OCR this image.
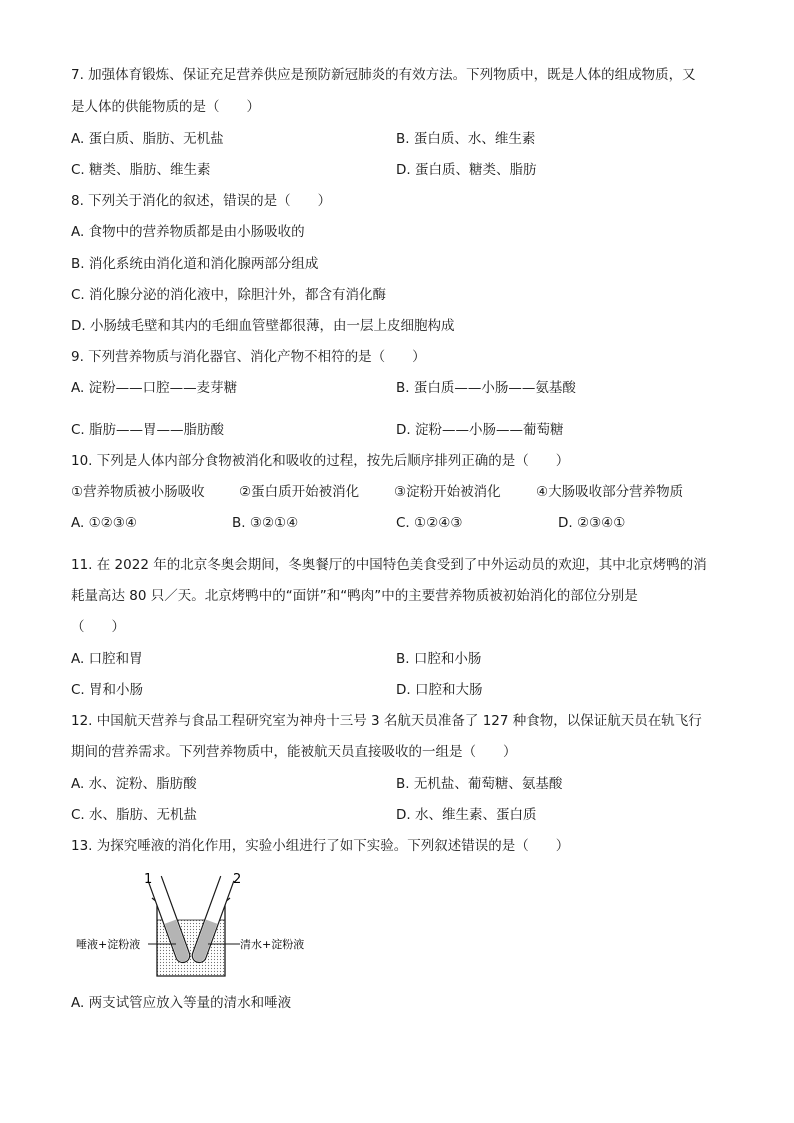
7. 加强体育锻炼、保证充足营养供应是预防新冠肺炎的有效方法。下列物质中，既是人体的组成物质，又
是人体的供能物质的是（　　）
A. 蛋白质、脂肪、无机盐	B. 蛋白质、水、维生素
C. 糖类、脂肪、维生素	D. 蛋白质、糖类、脂肪
8. 下列关于消化的叙述，错误的是（　　）
A. 食物中的营养物质都是由小肠吸收的
B. 消化系统由消化道和消化腺两部分组成
C. 消化腺分泌的消化液中，除胆汁外，都含有消化酶
D. 小肠绒毛壁和其内的毛细血管壁都很薄，由一层上皮细胞构成
9. 下列营养物质与消化器官、消化产物不相符的是（　　）
A. 淀粉——口腔——麦芽糖	B. 蛋白质——小肠——氨基酸
C. 脂肪——胃——脂肪酸	D. 淀粉——小肠——葡萄糖
10. 下列是人体内部分食物被消化和吸收的过程，按先后顺序排列正确的是（　　）
①营养物质被小肠吸收	②蛋白质开始被消化	③淀粉开始被消化	④大肠吸收部分营养物质
A. ①②③④	B. ③②①④	C. ①②④③	D. ②③④①
11. 在 2022 年的北京冬奥会期间，冬奥餐厅的中国特色美食受到了中外运动员的欢迎，其中北京烤鸭的消
耗量高达 80 只／天。北京烤鸭中的“面饼”和“鸭肉”中的主要营养物质被初始消化的部位分别是
（　　）
A. 口腔和胃	B. 口腔和小肠
C. 胃和小肠	D. 口腔和大肠
12. 中国航天营养与食品工程研究室为神舟十三号 3 名航天员准备了 127 种食物，以保证航天员在轨飞行
期间的营养需求。下列营养物质中，能被航天员直接吸收的一组是（　　）
A. 水、淀粉、脂肪酸	B. 无机盐、葡萄糖、氨基酸
C. 水、脂肪、无机盐	D. 水、维生素、蛋白质
13. 为探究唾液的消化作用，实验小组进行了如下实验。下列叙述错误的是（　　）
1	2
唾液+淀粉液	清水+淀粉液
A. 两支试管应放入等量的清水和唾液
